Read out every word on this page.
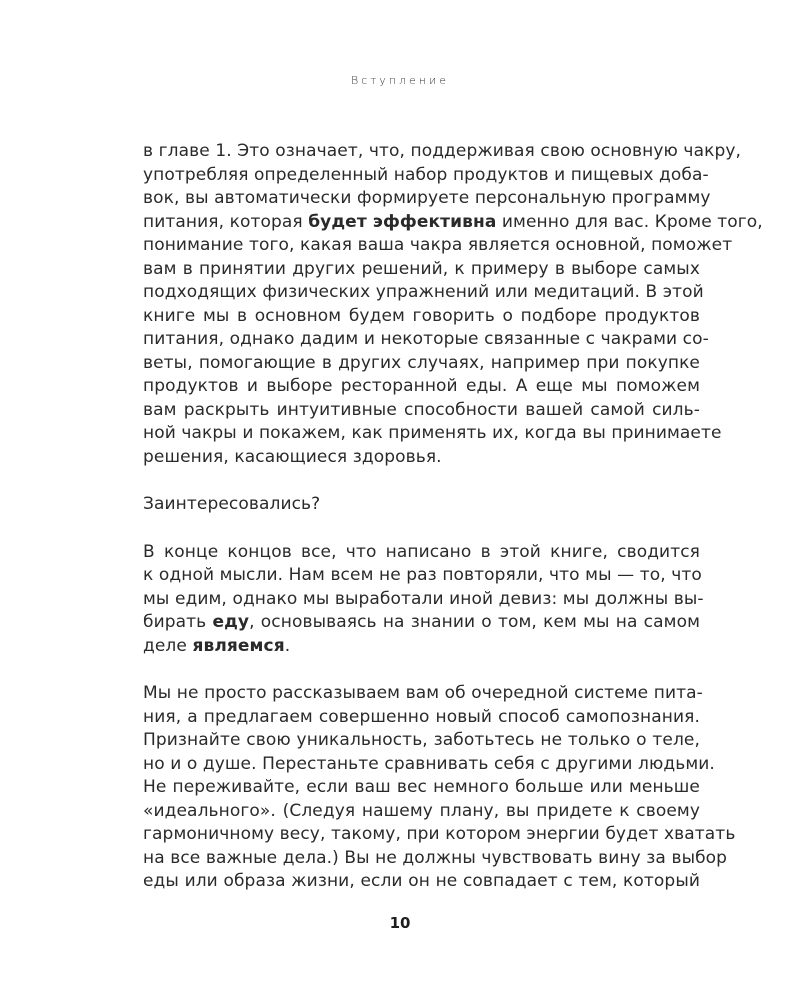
Вступление

в главе 1. Это означает, что, поддерживая свою основную чакру,
употребляя определенный набор продуктов и пищевых доба-
вок, вы автоматически формируете персональную программу
питания, которая будет эффективна именно для вас. Кроме того,
понимание того, какая ваша чакра является основной, поможет
вам в принятии других решений, к примеру в выборе самых
подходящих физических упражнений или медитаций. В этой
книге мы в основном будем говорить о подборе продуктов
питания, однако дадим и некоторые связанные с чакрами со-
веты, помогающие в других случаях, например при покупке
продуктов и выборе ресторанной еды. А еще мы поможем
вам раскрыть интуитивные способности вашей самой силь-
ной чакры и покажем, как применять их, когда вы принимаете
решения, касающиеся здоровья.

Заинтересовались?

В конце концов все, что написано в этой книге, сводится
к одной мысли. Нам всем не раз повторяли, что мы — то, что
мы едим, однако мы выработали иной девиз: мы должны вы-
бирать еду, основываясь на знании о том, кем мы на самом
деле являемся.

Мы не просто рассказываем вам об очередной системе пита-
ния, а предлагаем совершенно новый способ самопознания.
Признайте свою уникальность, заботьтесь не только о теле,
но и о душе. Перестаньте сравнивать себя с другими людьми.
Не переживайте, если ваш вес немного больше или меньше
«идеального». (Следуя нашему плану, вы придете к своему
гармоничному весу, такому, при котором энергии будет хватать
на все важные дела.) Вы не должны чувствовать вину за выбор
еды или образа жизни, если он не совпадает с тем, который

10
